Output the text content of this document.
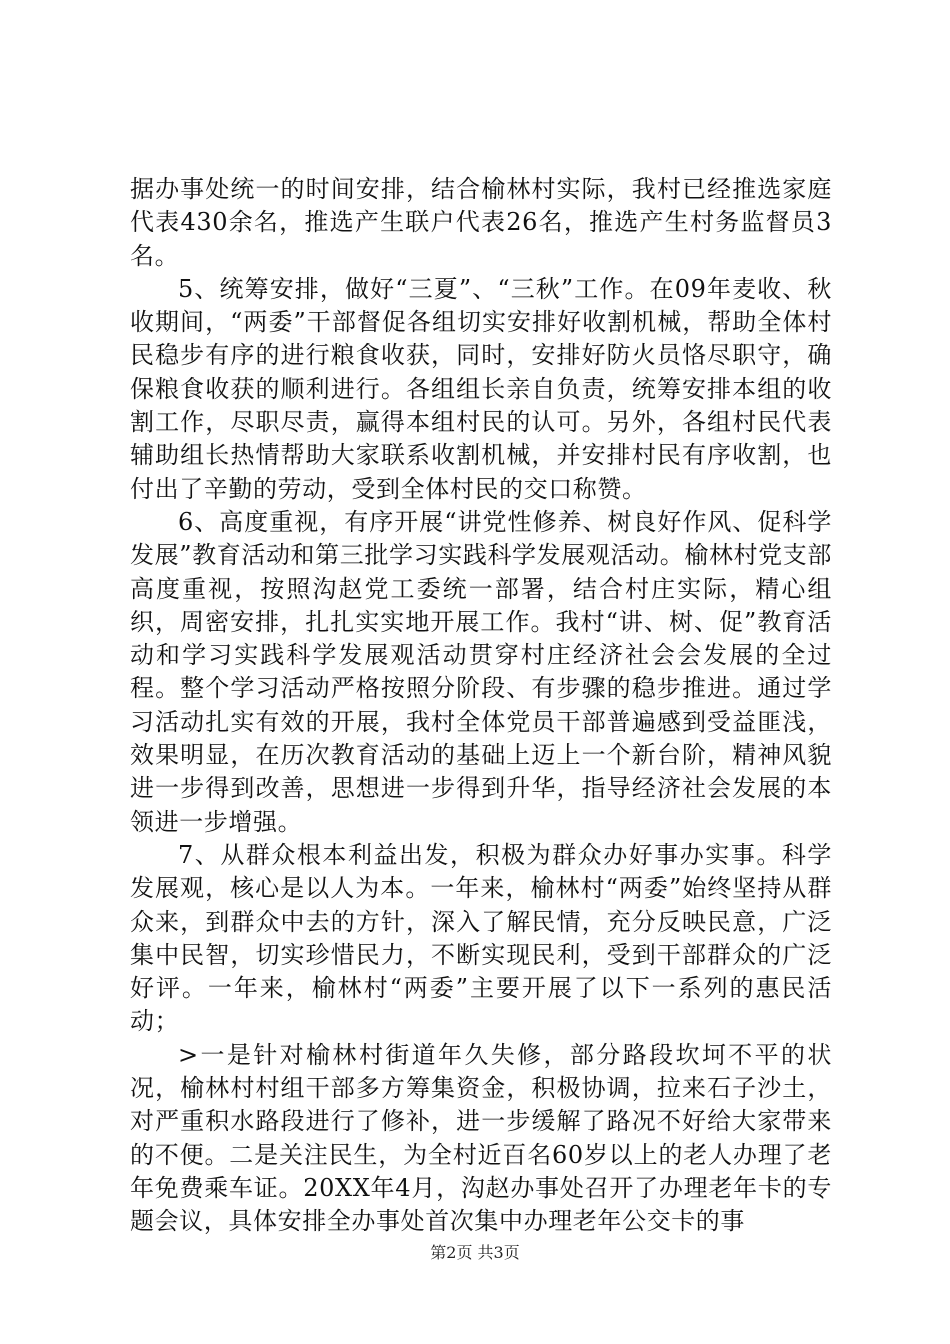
据办事处统一的时间安排，结合榆林村实际，我村已经推选家庭代表430余名，推选产生联户代表26名，推选产生村务监督员3名。

5、统筹安排，做好“三夏”、“三秋”工作。在09年麦收、秋收期间，“两委”干部督促各组切实安排好收割机械，帮助全体村民稳步有序的进行粮食收获，同时，安排好防火员恪尽职守，确保粮食收获的顺利进行。各组组长亲自负责，统筹安排本组的收割工作，尽职尽责，赢得本组村民的认可。另外，各组村民代表辅助组长热情帮助大家联系收割机械，并安排村民有序收割，也付出了辛勤的劳动，受到全体村民的交口称赞。

6、高度重视，有序开展“讲党性修养、树良好作风、促科学发展”教育活动和第三批学习实践科学发展观活动。榆林村党支部高度重视，按照沟赵党工委统一部署，结合村庄实际，精心组织，周密安排，扎扎实实地开展工作。我村“讲、树、促”教育活动和学习实践科学发展观活动贯穿村庄经济社会会发展的全过程。整个学习活动严格按照分阶段、有步骤的稳步推进。通过学习活动扎实有效的开展，我村全体党员干部普遍感到受益匪浅，效果明显，在历次教育活动的基础上迈上一个新台阶，精神风貌进一步得到改善，思想进一步得到升华，指导经济社会发展的本领进一步增强。

7、从群众根本利益出发，积极为群众办好事办实事。科学发展观，核心是以人为本。一年来，榆林村“两委”始终坚持从群众来，到群众中去的方针，深入了解民情，充分反映民意，广泛集中民智，切实珍惜民力，不断实现民利，受到干部群众的广泛好评。一年来，榆林村“两委”主要开展了以下一系列的惠民活动；

>一是针对榆林村街道年久失修，部分路段坎坷不平的状况，榆林村村组干部多方筹集资金，积极协调，拉来石子沙土，对严重积水路段进行了修补，进一步缓解了路况不好给大家带来的不便。二是关注民生，为全村近百名60岁以上的老人办理了老年免费乘车证。20XX年4月，沟赵办事处召开了办理老年卡的专题会议，具体安排全办事处首次集中办理老年公交卡的事

第2页 共3页
